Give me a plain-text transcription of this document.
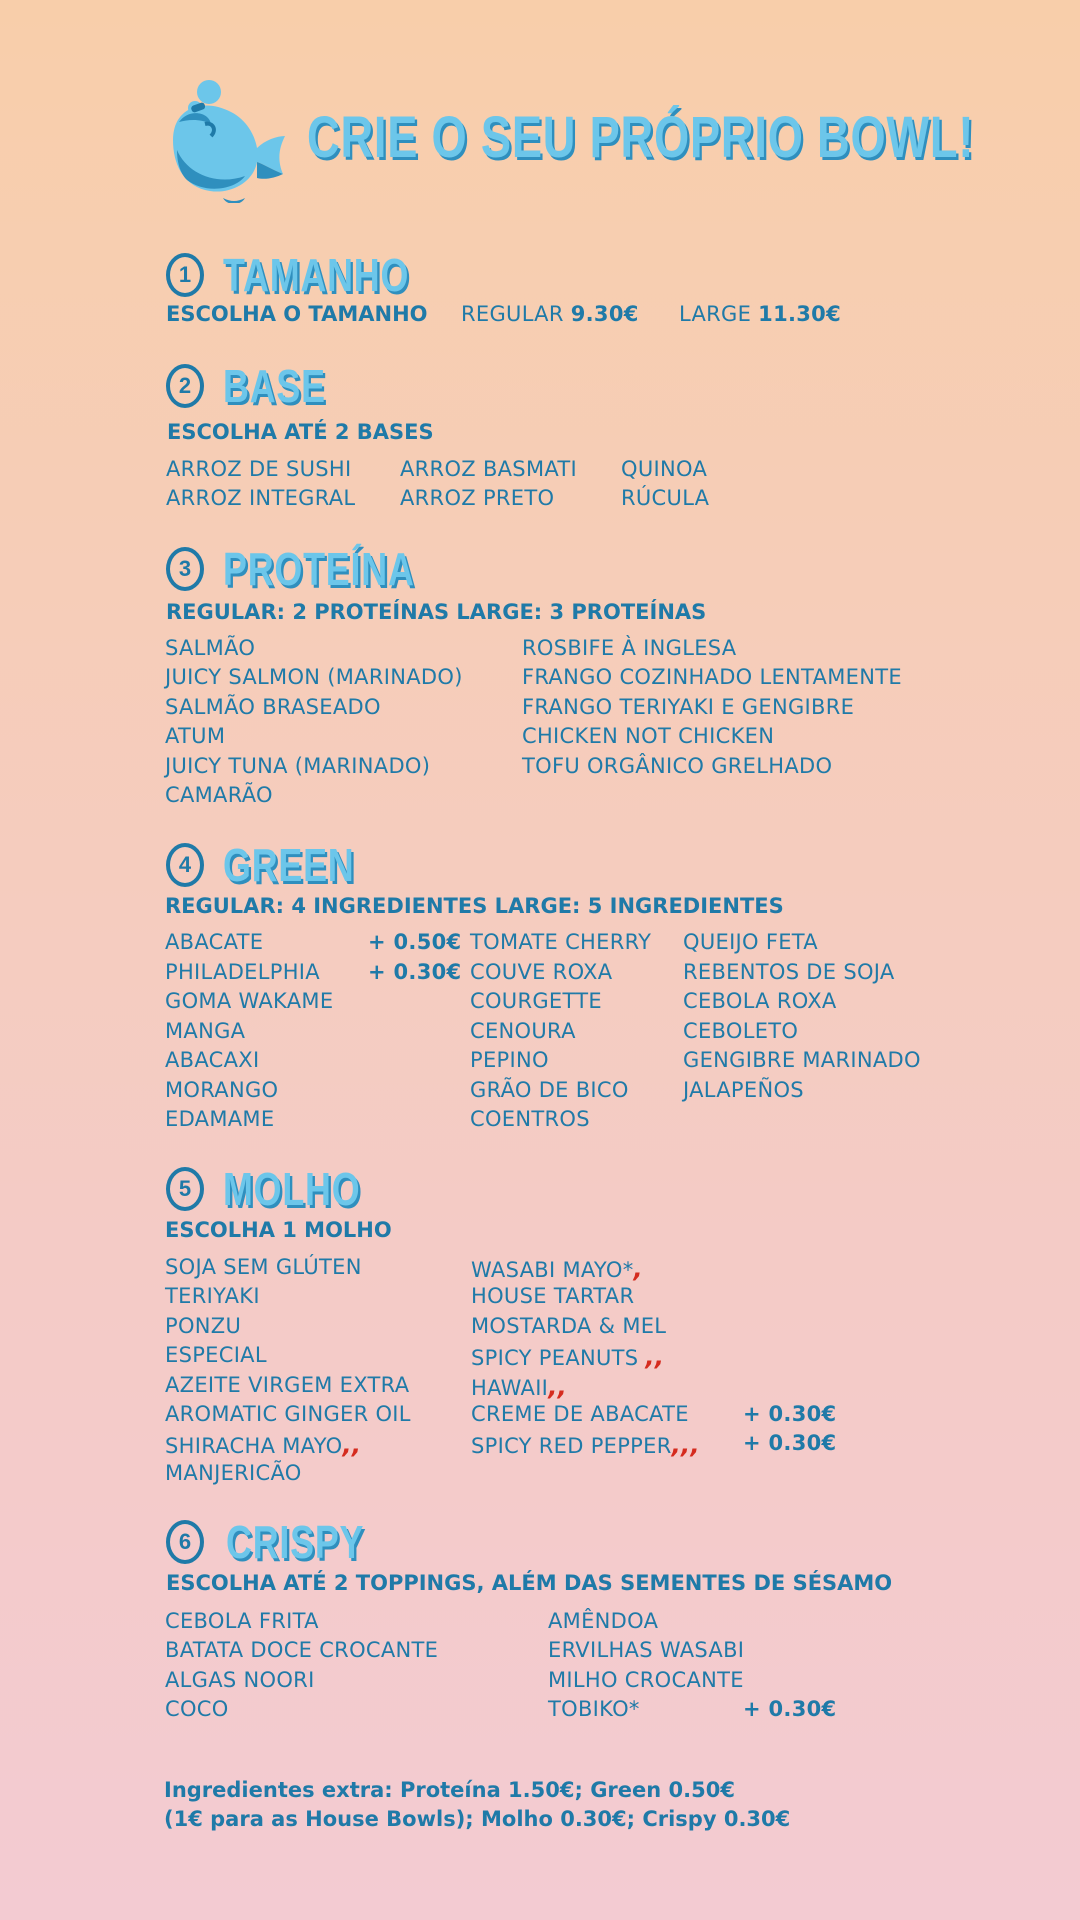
CRIE O SEU PRÓPRIO BOWL!
1 TAMANHO
ESCOLHA O TAMANHO REGULAR 9.30€ LARGE 11.30€
2 BASE
ESCOLHA ATÉ 2 BASES
ARROZ DE SUSHI
ARROZ INTEGRAL
ARROZ BASMATI
ARROZ PRETO
QUINOA
RÚCULA
3 PROTEÍNA
REGULAR: 2 PROTEÍNAS LARGE: 3 PROTEÍNAS
SALMÃO
JUICY SALMON (MARINADO)
SALMÃO BRASEADO
ATUM
JUICY TUNA (MARINADO)
CAMARÃO
ROSBIFE À INGLESA
FRANGO COZINHADO LENTAMENTE
FRANGO TERIYAKI E GENGIBRE
CHICKEN NOT CHICKEN
TOFU ORGÂNICO GRELHADO
4 GREEN
REGULAR: 4 INGREDIENTES LARGE: 5 INGREDIENTES
ABACATE
PHILADELPHIA
GOMA WAKAME
MANGA
ABACAXI
MORANGO
EDAMAME
+ 0.50€
+ 0.30€
TOMATE CHERRY
COUVE ROXA
COURGETTE
CENOURA
PEPINO
GRÃO DE BICO
COENTROS
QUEIJO FETA
REBENTOS DE SOJA
CEBOLA ROXA
CEBOLETO
GENGIBRE MARINADO
JALAPEÑOS
5 MOLHO
ESCOLHA 1 MOLHO
SOJA SEM GLÚTEN
TERIYAKI
PONZU
ESPECIAL
AZEITE VIRGEM EXTRA
AROMATIC GINGER OIL
SHIRACHA MAYO,,
MANJERICÃO
WASABI MAYO*,
HOUSE TARTAR
MOSTARDA & MEL
SPICY PEANUTS ,,
HAWAII,,
CREME DE ABACATE
SPICY RED PEPPER,,,
+ 0.30€
+ 0.30€
6 CRISPY
ESCOLHA ATÉ 2 TOPPINGS, ALÉM DAS SEMENTES DE SÉSAMO
CEBOLA FRITA
BATATA DOCE CROCANTE
ALGAS NOORI
COCO
AMÊNDOA
ERVILHAS WASABI
MILHO CROCANTE
TOBIKO*	+ 0.30€
Ingredientes extra: Proteína 1.50€; Green 0.50€
(1€ para as House Bowls); Molho 0.30€; Crispy 0.30€
